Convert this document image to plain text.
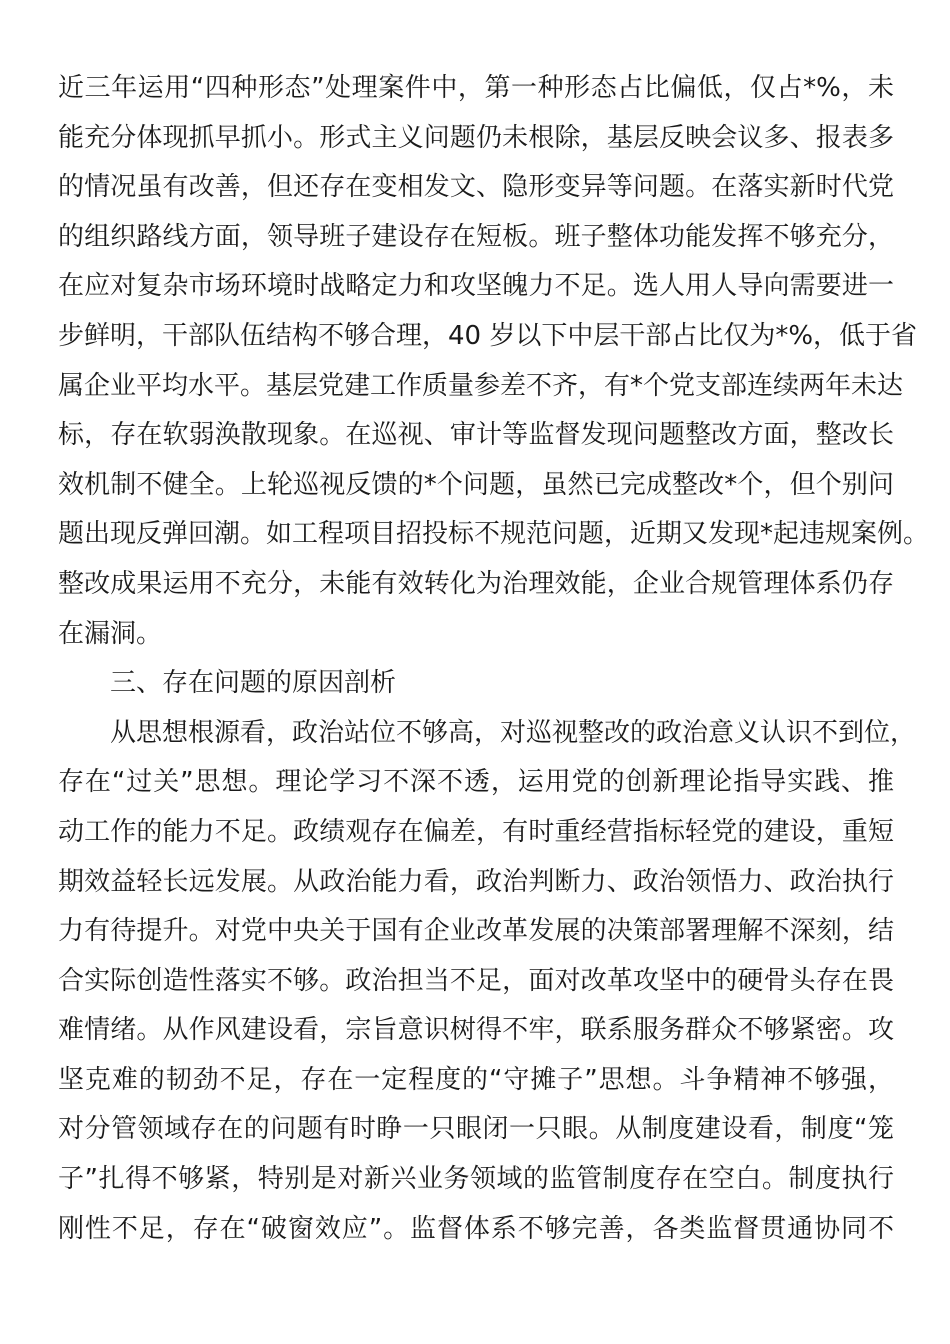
近三年运用“四种形态”处理案件中，第一种形态占比偏低，仅占*%，未
能充分体现抓早抓小。形式主义问题仍未根除，基层反映会议多、报表多
的情况虽有改善，但还存在变相发文、隐形变异等问题。在落实新时代党
的组织路线方面，领导班子建设存在短板。班子整体功能发挥不够充分，
在应对复杂市场环境时战略定力和攻坚魄力不足。选人用人导向需要进一
步鲜明，干部队伍结构不够合理，40 岁以下中层干部占比仅为*%，低于省
属企业平均水平。基层党建工作质量参差不齐，有*个党支部连续两年未达
标，存在软弱涣散现象。在巡视、审计等监督发现问题整改方面，整改长
效机制不健全。上轮巡视反馈的*个问题，虽然已完成整改*个，但个别问
题出现反弹回潮。如工程项目招投标不规范问题，近期又发现*起违规案例。
整改成果运用不充分，未能有效转化为治理效能，企业合规管理体系仍存
在漏洞。
三、存在问题的原因剖析
从思想根源看，政治站位不够高，对巡视整改的政治意义认识不到位，
存在“过关”思想。理论学习不深不透，运用党的创新理论指导实践、推
动工作的能力不足。政绩观存在偏差，有时重经营指标轻党的建设，重短
期效益轻长远发展。从政治能力看，政治判断力、政治领悟力、政治执行
力有待提升。对党中央关于国有企业改革发展的决策部署理解不深刻，结
合实际创造性落实不够。政治担当不足，面对改革攻坚中的硬骨头存在畏
难情绪。从作风建设看，宗旨意识树得不牢，联系服务群众不够紧密。攻
坚克难的韧劲不足，存在一定程度的“守摊子”思想。斗争精神不够强，
对分管领域存在的问题有时睁一只眼闭一只眼。从制度建设看，制度“笼
子”扎得不够紧，特别是对新兴业务领域的监管制度存在空白。制度执行
刚性不足，存在“破窗效应”。监督体系不够完善，各类监督贯通协同不
